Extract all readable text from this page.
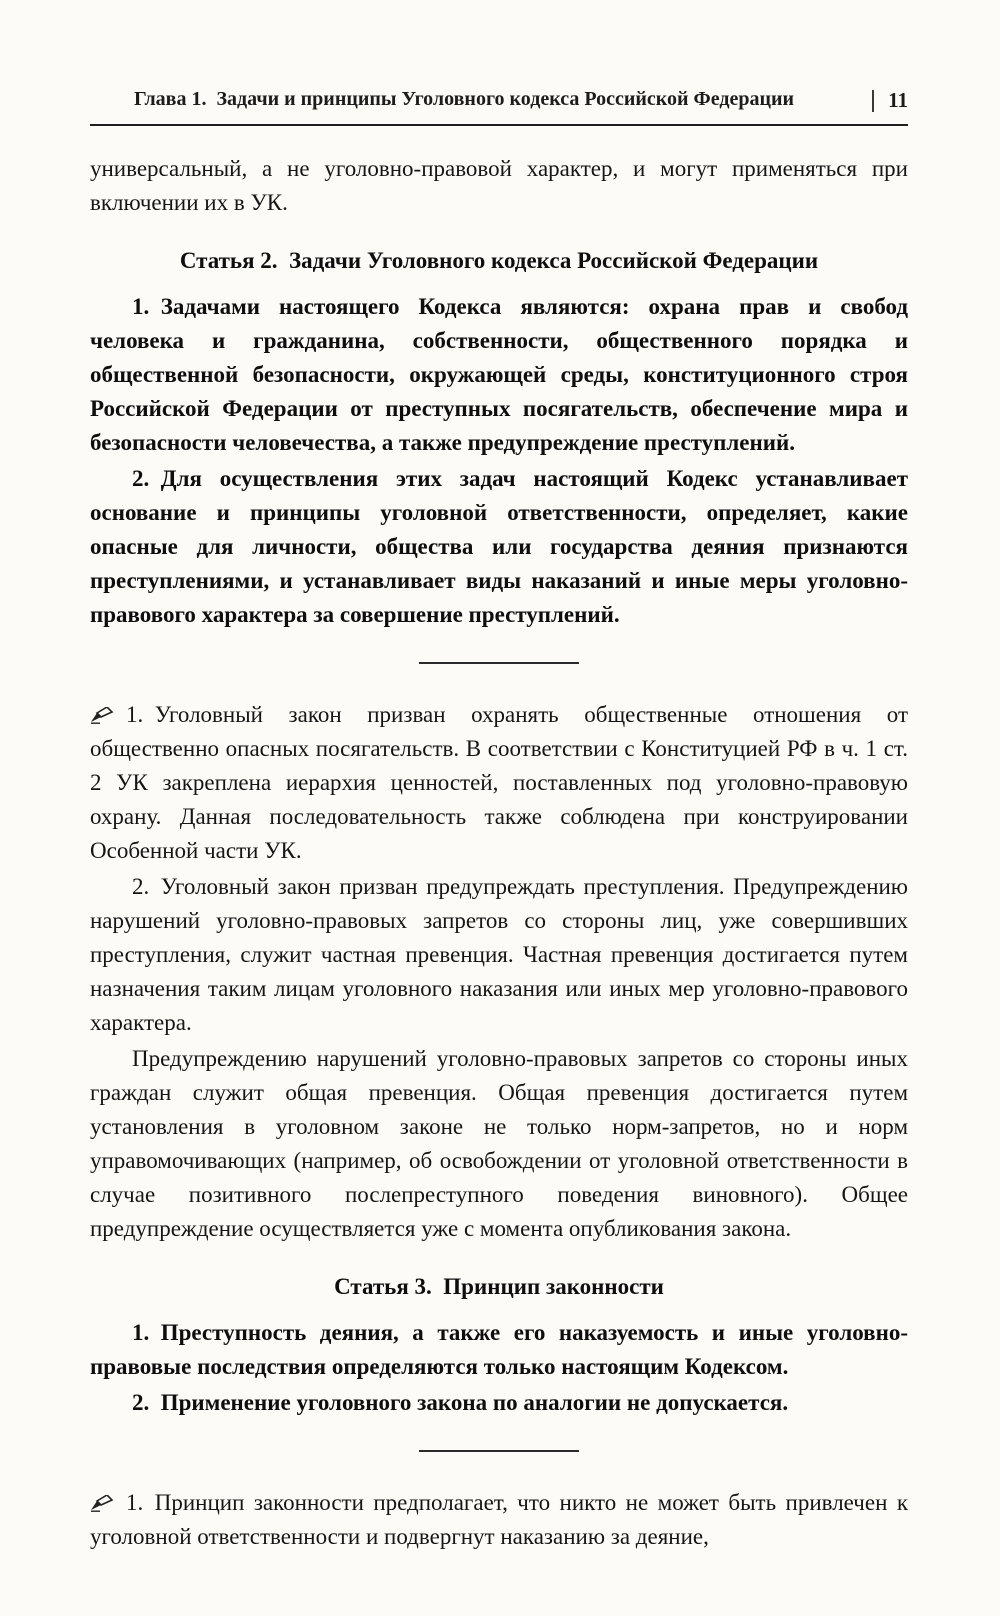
Глава 1. Задачи и принципы Уголовного кодекса Российской Федерации	11

универсальный, а не уголовно-правовой характер, и могут применяться при включении их в УК.

Статья 2. Задачи Уголовного кодекса Российской Федерации

1. Задачами настоящего Кодекса являются: охрана прав и свобод человека и гражданина, собственности, общественного порядка и общественной безопасности, окружающей среды, конституционного строя Российской Федерации от преступных посягательств, обеспечение мира и безопасности человечества, а также предупреждение преступлений.

2. Для осуществления этих задач настоящий Кодекс устанавливает основание и принципы уголовной ответственности, определяет, какие опасные для личности, общества или государства деяния признаются преступлениями, и устанавливает виды наказаний и иные меры уголовно-правового характера за совершение преступлений.

1. Уголовный закон призван охранять общественные отношения от общественно опасных посягательств. В соответствии с Конституцией РФ в ч. 1 ст. 2 УК закреплена иерархия ценностей, поставленных под уголовно-правовую охрану. Данная последовательность также соблюдена при конструировании Особенной части УК.

2. Уголовный закон призван предупреждать преступления. Предупреждению нарушений уголовно-правовых запретов со стороны лиц, уже совершивших преступления, служит частная превенция. Частная превенция достигается путем назначения таким лицам уголовного наказания или иных мер уголовно-правового характера.

Предупреждению нарушений уголовно-правовых запретов со стороны иных граждан служит общая превенция. Общая превенция достигается путем установления в уголовном законе не только норм-запретов, но и норм управомочивающих (например, об освобождении от уголовной ответственности в случае позитивного послепреступного поведения виновного). Общее предупреждение осуществляется уже с момента опубликования закона.

Статья 3. Принцип законности

1. Преступность деяния, а также его наказуемость и иные уголовно-правовые последствия определяются только настоящим Кодексом.

2. Применение уголовного закона по аналогии не допускается.

1. Принцип законности предполагает, что никто не может быть привлечен к уголовной ответственности и подвергнут наказанию за деяние,
